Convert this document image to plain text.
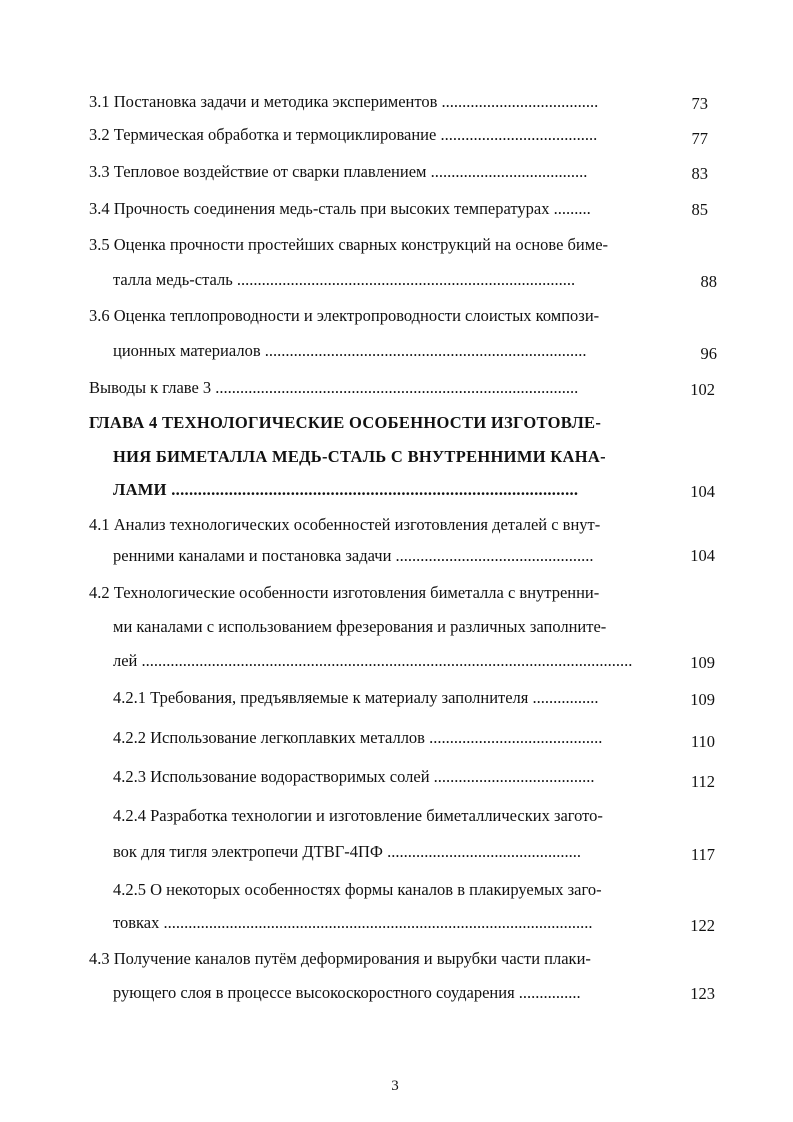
3.1 Постановка задачи и методика экспериментов ......................................	73
3.2 Термическая обработка и термоциклирование ......................................	77
3.3 Тепловое воздействие от сварки плавлением ......................................	83
3.4 Прочность соединения медь-сталь при высоких температурах .........	85
3.5 Оценка прочности простейших сварных конструкций на основе биме-
талла медь-сталь ..................................................................................	88
3.6 Оценка теплопроводности и электропроводности слоистых компози-
ционных материалов ..............................................................................	96
Выводы к главе 3 ........................................................................................	102
ГЛАВА 4 ТЕХНОЛОГИЧЕСКИЕ ОСОБЕННОСТИ ИЗГОТОВЛЕ-
НИЯ БИМЕТАЛЛА МЕДЬ-СТАЛЬ С ВНУТРЕННИМИ КАНА-
ЛАМИ ............................................................................................	104
4.1 Анализ технологических особенностей изготовления деталей с внут-
ренними каналами и постановка задачи ................................................	104
4.2 Технологические особенности изготовления биметалла с внутренни-
ми каналами с использованием фрезерования и различных заполните-
лей .......................................................................................................................	109
4.2.1 Требования, предъявляемые к материалу заполнителя ................	109
4.2.2 Использование легкоплавких металлов ..........................................	110
4.2.3 Использование водорастворимых солей .......................................	112
4.2.4 Разработка технологии и изготовление биметаллических загото-
вок для тигля электропечи ДТВГ-4ПФ ...............................................	117
4.2.5 О некоторых особенностях формы каналов в плакируемых заго-
товках ........................................................................................................	122
4.3 Получение каналов путём деформирования и вырубки части плаки-
рующего слоя в процессе высокоскоростного соударения ...............	123
3
